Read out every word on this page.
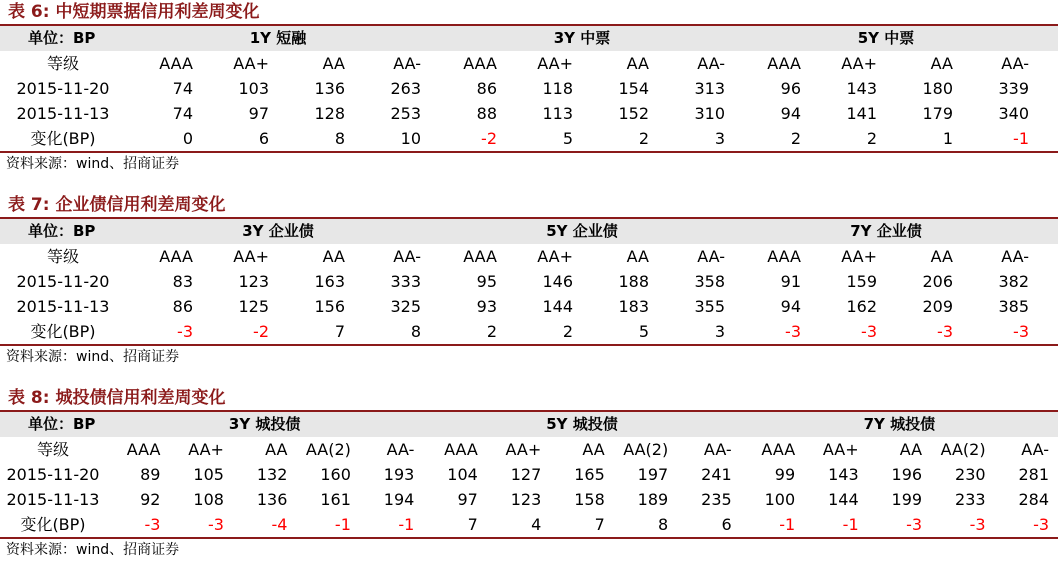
表 6: 中短期票据信用利差周变化
单位：BP	1Y 短融	3Y 中票	5Y 中票
等级	AAA	AA+	AA	AA-	AAA	AA+	AA	AA-	AAA	AA+	AA	AA-
2015-11-20	74	103	136	263	86	118	154	313	96	143	180	339
2015-11-13	74	97	128	253	88	113	152	310	94	141	179	340
变化(BP)	0	6	8	10	-2	5	2	3	2	2	1	-1
资料来源：wind、招商证券
表 7: 企业债信用利差周变化
单位：BP	3Y 企业债	5Y 企业债	7Y 企业债
等级	AAA	AA+	AA	AA-	AAA	AA+	AA	AA-	AAA	AA+	AA	AA-
2015-11-20	83	123	163	333	95	146	188	358	91	159	206	382
2015-11-13	86	125	156	325	93	144	183	355	94	162	209	385
变化(BP)	-3	-2	7	8	2	2	5	3	-3	-3	-3	-3
资料来源：wind、招商证券
表 8: 城投债信用利差周变化
单位：BP	3Y 城投债	5Y 城投债	7Y 城投债
等级	AAA	AA+	AA	AA(2)	AA-	AAA	AA+	AA	AA(2)	AA-	AAA	AA+	AA	AA(2)	AA-
2015-11-20	89	105	132	160	193	104	127	165	197	241	99	143	196	230	281
2015-11-13	92	108	136	161	194	97	123	158	189	235	100	144	199	233	284
变化(BP)	-3	-3	-4	-1	-1	7	4	7	8	6	-1	-1	-3	-3	-3
资料来源：wind、招商证券
